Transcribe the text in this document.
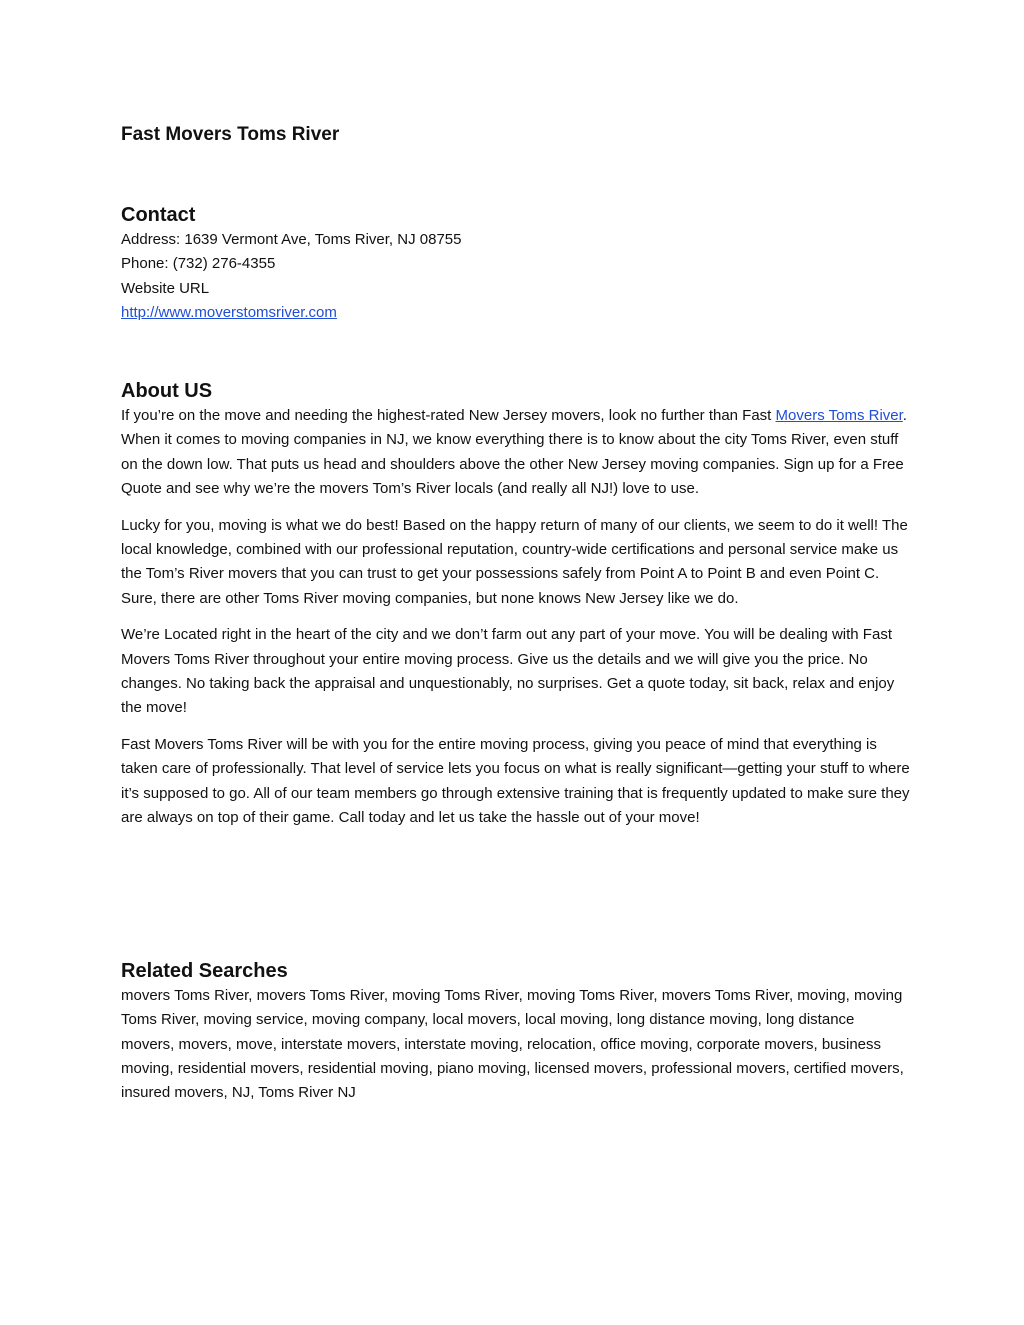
Fast Movers Toms River
Contact

Address: 1639 Vermont Ave, Toms River, NJ 08755

Phone: (732) 276-4355

Website URL

http://www.moverstomsriver.com

About US

If you’re on the move and needing the highest-rated New Jersey movers, look no further than Fast Movers Toms River. When it comes to moving companies in NJ, we know everything there is to know about the city Toms River, even stuff on the down low. That puts us head and shoulders above the other New Jersey moving companies. Sign up for a Free Quote and see why we’re the movers Tom’s River locals (and really all NJ!) love to use.

Lucky for you, moving is what we do best! Based on the happy return of many of our clients, we seem to do it well! The local knowledge, combined with our professional reputation, country-wide certifications and personal service make us the Tom’s River movers that you can trust to get your possessions safely from Point A to Point B and even Point C. Sure, there are other Toms River moving companies, but none knows New Jersey like we do.

We’re Located right in the heart of the city and we don’t farm out any part of your move. You will be dealing with Fast Movers Toms River throughout your entire moving process. Give us the details and we will give you the price. No changes. No taking back the appraisal and unquestionably, no surprises. Get a quote today, sit back, relax and enjoy the move!

Fast Movers Toms River will be with you for the entire moving process, giving you peace of mind that everything is taken care of professionally. That level of service lets you focus on what is really significant—getting your stuff to where it’s supposed to go. All of our team members go through extensive training that is frequently updated to make sure they are always on top of their game. Call today and let us take the hassle out of your move!

Related Searches

movers Toms River, movers Toms River, moving Toms River, moving Toms River, movers Toms River, moving, moving Toms River, moving service, moving company, local movers, local moving, long distance moving, long distance movers, movers, move, interstate movers, interstate moving, relocation, office moving, corporate movers, business moving, residential movers, residential moving, piano moving, licensed movers, professional movers, certified movers, insured movers, NJ, Toms River NJ
